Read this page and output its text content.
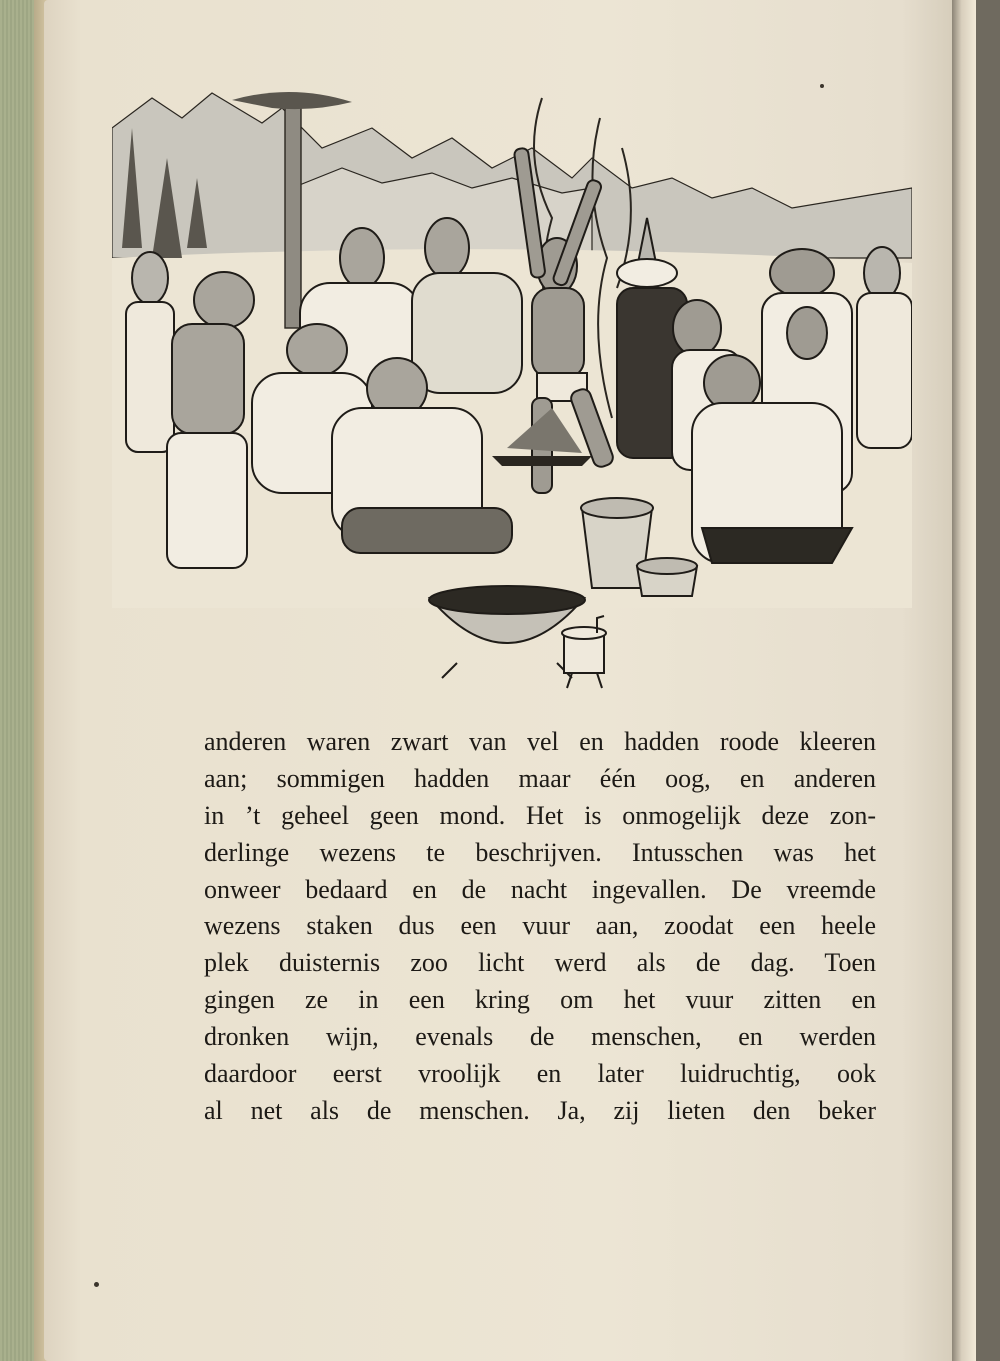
anderen waren zwart van vel en hadden roode kleeren
aan; sommigen hadden maar één oog, en anderen
in ’t geheel geen mond. Het is onmogelijk deze zon-
derlinge wezens te beschrijven. Intusschen was het
onweer bedaard en de nacht ingevallen. De vreemde
wezens staken dus een vuur aan, zoodat een heele
plek duisternis zoo licht werd als de dag. Toen
gingen ze in een kring om het vuur zitten en
dronken wijn, evenals de menschen, en werden
daardoor eerst vroolijk en later luidruchtig, ook
al net als de menschen. Ja, zij lieten den beker
